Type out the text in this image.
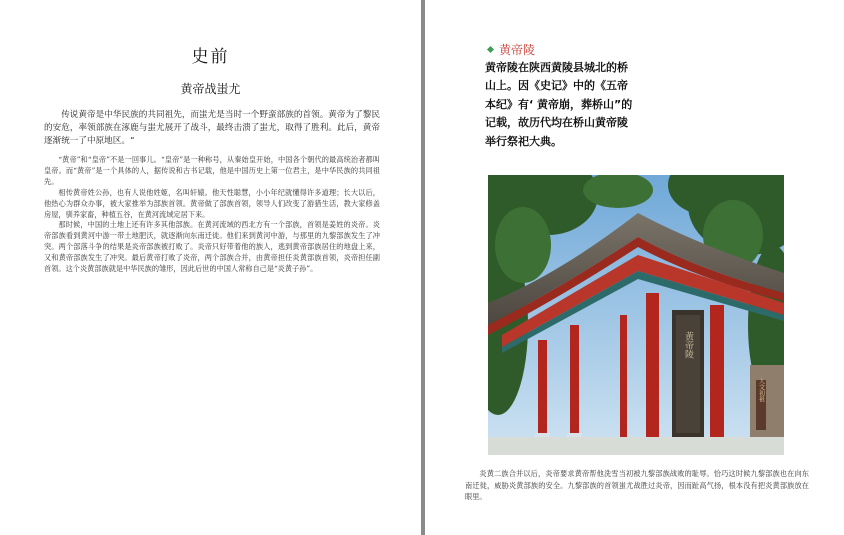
史前
黄帝战蚩尤
传说黄帝是中华民族的共同祖先，而蚩尤是当时一个野蛮部族的首领。黄帝为了黎民的安危，率领部族在涿鹿与蚩尤展开了战斗，最终击溃了蚩尤，取得了胜利。此后，黄帝逐渐统一了中原地区。“

“黄帝”和“皇帝”不是一回事儿。“皇帝”是一种称号，从秦始皇开始，中国各个朝代的最高统治者都叫皇帝。而“黄帝”是一个具体的人，据传说和古书记载，他是中国历史上第一位君主，是中华民族的共同祖先。

相传黄帝姓公孙，也有人说他姓姬，名叫轩辕。他天性聪慧，小小年纪就懂得许多道理；长大以后，他热心为群众办事，被大家推举为部族首领。黄帝做了部族首领，领导人们改变了游猎生活，教大家修盖房屋，驯养家畜，种植五谷，在黄河流域定居下来。

那时候，中国的土地上还有许多其他部族。在黄河流域的西北方有一个部族，首领是姜姓的炎帝。炎帝部族看到黄河中游一带土地肥沃，就逐渐向东南迁徙。他们来到黄河中游，与那里的九黎部族发生了冲突。两个部落斗争的结果是炎帝部族被打败了。炎帝只好带着他的族人，逃到黄帝部族居住的地盘上来，又和黄帝部族发生了冲突。最后黄帝打败了炎帝，两个部族合并，由黄帝担任炎黄部族首领，炎帝担任副首领。这个炎黄部族就是中华民族的雏形，因此后世的中国人常称自己是“炎黄子孙”。

黄帝陵
黄帝陵在陕西黄陵县城北的桥山上。因《史记》中的《五帝本纪》有‘ 黄帝崩，葬桥山”的记载，故历代均在桥山黄帝陵举行祭祀大典。
黄帝陵
人文初祖
炎黄二族合并以后，炎帝要求黄帝帮他洗雪当初被九黎部族战败的耻辱。恰巧这时候九黎部族也在向东南迁徙，威胁炎黄部族的安全。九黎部族的首领蚩尤战胜过炎帝，因而趾高气扬，根本没有把炎黄部族放在眼里。
